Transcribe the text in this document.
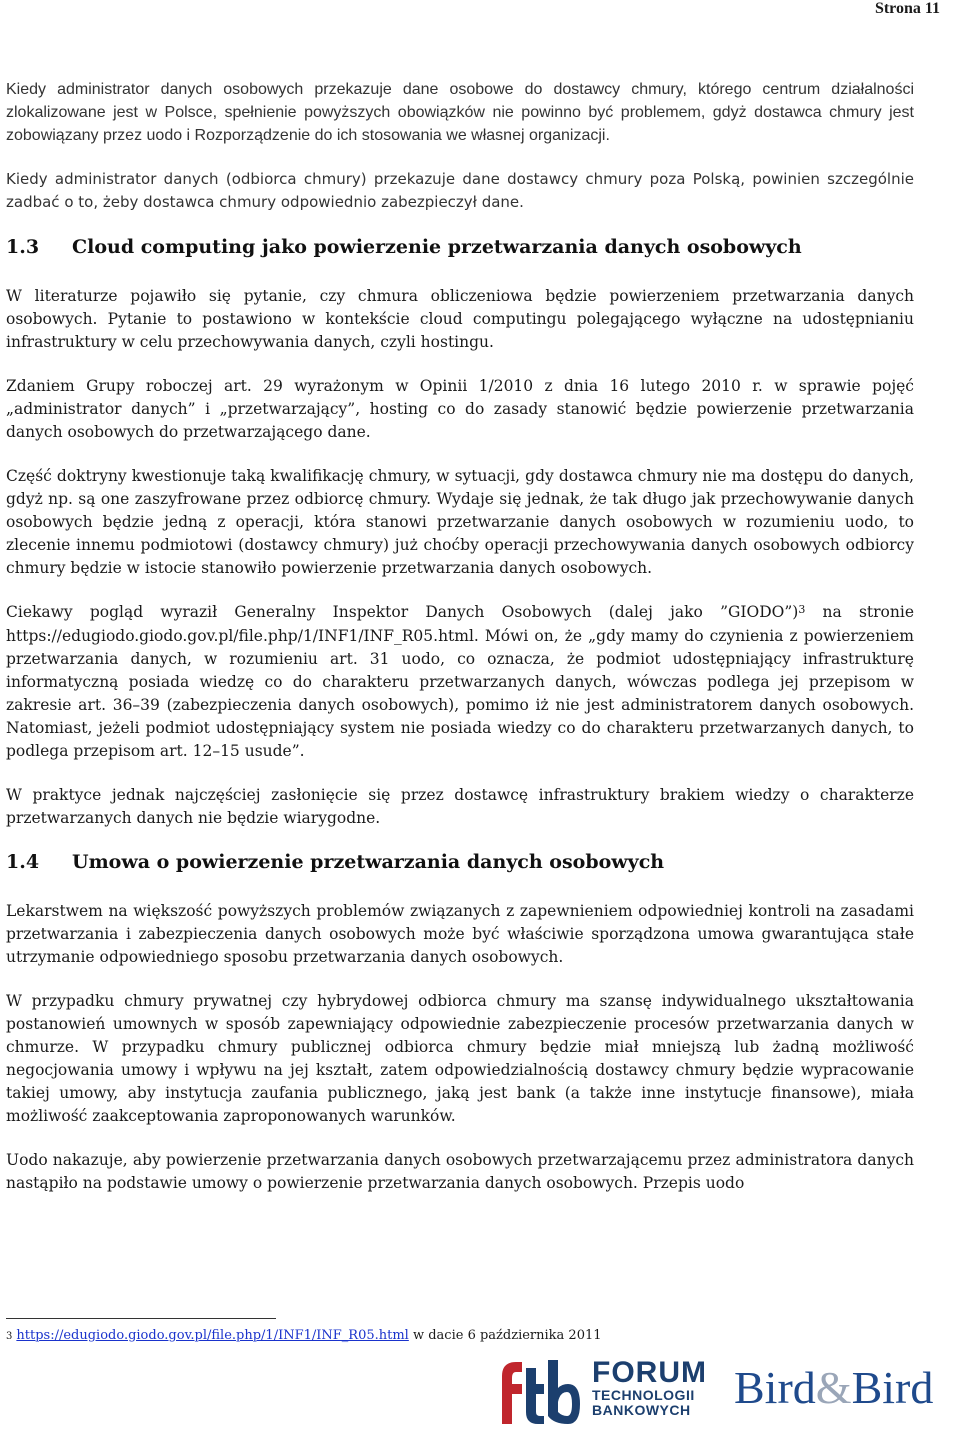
Strona 11

Kiedy administrator danych osobowych przekazuje dane osobowe do dostawcy chmury, którego centrum działalności zlokalizowane jest w Polsce, spełnienie powyższych obowiązków nie powinno być problemem, gdyż dostawca chmury jest zobowiązany przez uodo i Rozporządzenie do ich stosowania we własnej organizacji.

Kiedy administrator danych (odbiorca chmury) przekazuje dane dostawcy chmury poza Polską, powinien szczególnie zadbać o to, żeby dostawca chmury odpowiednio zabezpieczył dane.

1.3	Cloud computing jako powierzenie przetwarzania danych osobowych

W literaturze pojawiło się pytanie, czy chmura obliczeniowa będzie powierzeniem przetwarzania danych osobowych. Pytanie to postawiono w kontekście cloud computingu polegającego wyłączne na udostępnianiu infrastruktury w celu przechowywania danych, czyli hostingu.

Zdaniem Grupy roboczej art. 29 wyrażonym w Opinii 1/2010 z dnia 16 lutego 2010 r. w sprawie pojęć „administrator danych” i „przetwarzający”, hosting co do zasady stanowić będzie powierzenie przetwarzania danych osobowych do przetwarzającego dane.

Część doktryny kwestionuje taką kwalifikację chmury, w sytuacji, gdy dostawca chmury nie ma dostępu do danych, gdyż np. są one zaszyfrowane przez odbiorcę chmury. Wydaje się jednak, że tak długo jak przechowywanie danych osobowych będzie jedną z operacji, która stanowi przetwarzanie danych osobowych w rozumieniu uodo, to zlecenie innemu podmiotowi (dostawcy chmury) już choćby operacji przechowywania danych osobowych odbiorcy chmury będzie w istocie stanowiło powierzenie przetwarzania danych osobowych.

Ciekawy pogląd wyraził Generalny Inspektor Danych Osobowych (dalej jako ”GIODO”)$^3$ na stronie https://edugiodo.giodo.gov.pl/file.php/1/INF1/INF_R05.html. Mówi on, że „gdy mamy do czynienia z powierzeniem przetwarzania danych, w rozumieniu art. 31 uodo, co oznacza, że podmiot udostępniający infrastrukturę informatyczną posiada wiedzę co do charakteru przetwarzanych danych, wówczas podlega jej przepisom w zakresie art. 36–39 (zabezpieczenia danych osobowych), pomimo iż nie jest administratorem danych osobowych. Natomiast, jeżeli podmiot udostępniający system nie posiada wiedzy co do charakteru przetwarzanych danych, to podlega przepisom art. 12–15 usude”.

W praktyce jednak najczęściej zasłonięcie się przez dostawcę infrastruktury brakiem wiedzy o charakterze przetwarzanych danych nie będzie wiarygodne.

1.4	Umowa o powierzenie przetwarzania danych osobowych

Lekarstwem na większość powyższych problemów związanych z zapewnieniem odpowiedniej kontroli na zasadami przetwarzania i zabezpieczenia danych osobowych może być właściwie sporządzona umowa gwarantująca stałe utrzymanie odpowiedniego sposobu przetwarzania danych osobowych.

W przypadku chmury prywatnej czy hybrydowej odbiorca chmury ma szansę indywidualnego ukształtowania postanowień umownych w sposób zapewniający odpowiednie zabezpieczenie procesów przetwarzania danych w chmurze. W przypadku chmury publicznej odbiorca chmury będzie miał mniejszą lub żadną możliwość negocjowania umowy i wpływu na jej kształt, zatem odpowiedzialnością dostawcy chmury będzie wypracowanie takiej umowy, aby instytucja zaufania publicznego, jaką jest bank (a także inne instytucje finansowe), miała możliwość zaakceptowania zaproponowanych warunków.

Uodo nakazuje, aby powierzenie przetwarzania danych osobowych przetwarzającemu przez administratora danych nastąpiło na podstawie umowy o powierzenie przetwarzania danych osobowych. Przepis uodo

3 https://edugiodo.giodo.gov.pl/file.php/1/INF1/INF_R05.html w dacie 6 października 2011
FORUM
TECHNOLOGII
BANKOWYCH Bird&Bird
